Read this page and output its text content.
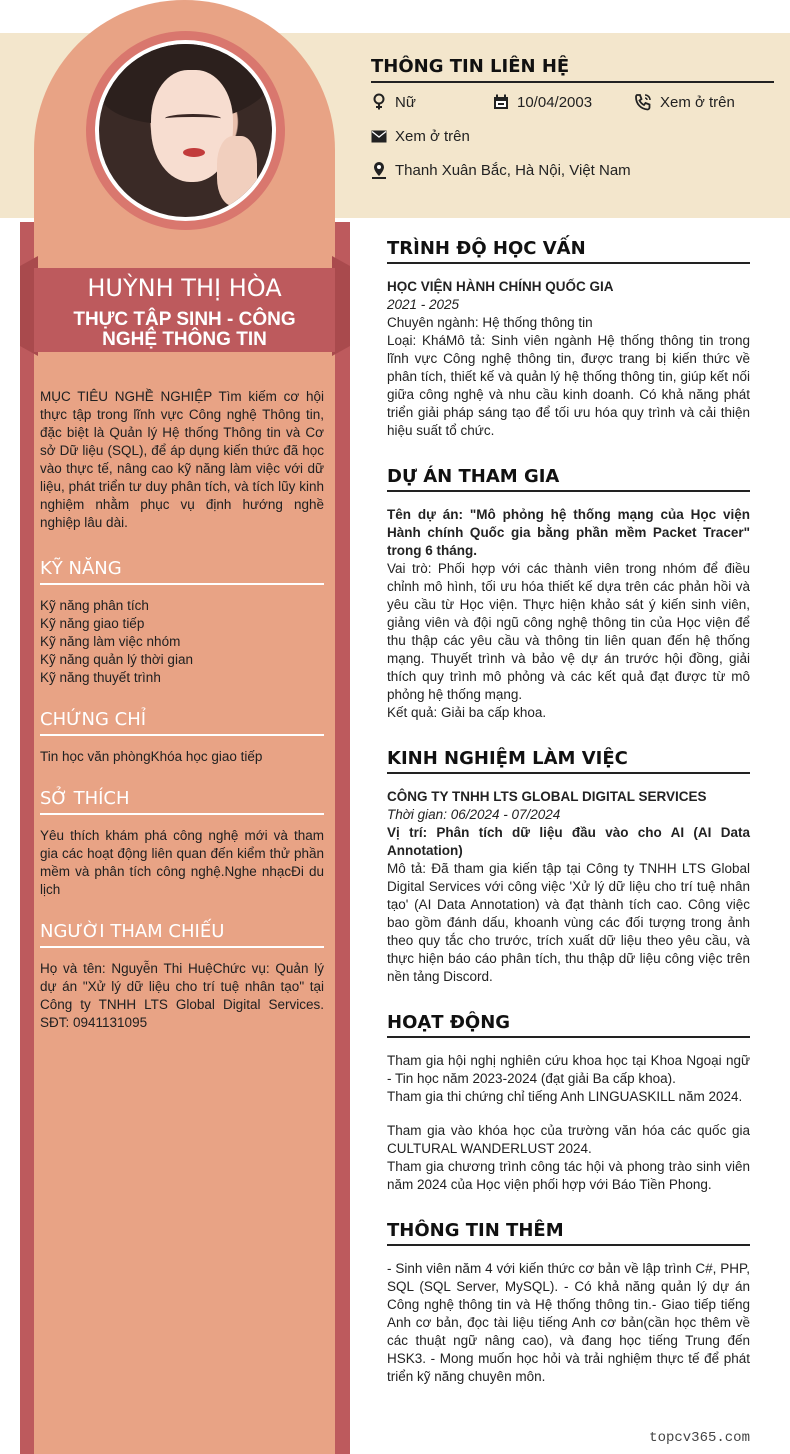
HUỲNH THỊ HÒA
THỰC TẬP SINH - CÔNG NGHỆ THÔNG TIN

MỤC TIÊU NGHỀ NGHIỆP Tìm kiếm cơ hội thực tập trong lĩnh vực Công nghệ Thông tin, đặc biệt là Quản lý Hệ thống Thông tin và Cơ sở Dữ liệu (SQL), để áp dụng kiến thức đã học vào thực tế, nâng cao kỹ năng làm việc với dữ liệu, phát triển tư duy phân tích, và tích lũy kinh nghiệm nhằm phục vụ định hướng nghề nghiệp lâu dài.

KỸ NĂNG

Kỹ năng phân tích

Kỹ năng giao tiếp

Kỹ năng làm việc nhóm

Kỹ năng quản lý thời gian

Kỹ năng thuyết trình

CHỨNG CHỈ

Tin học văn phòngKhóa học giao tiếp

SỞ THÍCH

Yêu thích khám phá công nghệ mới và tham gia các hoạt động liên quan đến kiểm thử phần mềm và phân tích công nghệ.Nghe nhạcĐi du lịch

NGƯỜI THAM CHIẾU

Họ và tên: Nguyễn Thi HuệChức vụ: Quản lý dự án "Xử lý dữ liệu cho trí tuệ nhân tạo" tại Công ty TNHH LTS Global Digital Services. SĐT: 0941131095

THÔNG TIN LIÊN HỆ
Nữ	10/04/2003	Xem ở trên
Xem ở trên
Thanh Xuân Bắc, Hà Nội, Việt Nam
TRÌNH ĐỘ HỌC VẤN

HỌC VIỆN HÀNH CHÍNH QUỐC GIA

2021 - 2025

Chuyên ngành: Hệ thống thông tin

Loại: KháMô tả: Sinh viên ngành Hệ thống thông tin trong lĩnh vực Công nghệ thông tin, được trang bị kiến thức về phân tích, thiết kế và quản lý hệ thống thông tin, giúp kết nối giữa công nghệ và nhu cầu kinh doanh. Có khả năng phát triển giải pháp sáng tạo để tối ưu hóa quy trình và cải thiện hiệu suất tổ chức.

DỰ ÁN THAM GIA

Tên dự án: "Mô phỏng hệ thống mạng của Học viện Hành chính Quốc gia bằng phần mềm Packet Tracer" trong 6 tháng.

Vai trò: Phối hợp với các thành viên trong nhóm để điều chỉnh mô hình, tối ưu hóa thiết kế dựa trên các phản hồi và yêu cầu từ Học viện. Thực hiện khảo sát ý kiến sinh viên, giảng viên và đội ngũ công nghệ thông tin của Học viện để thu thập các yêu cầu và thông tin liên quan đến hệ thống mạng. Thuyết trình và bảo vệ dự án trước hội đồng, giải thích quy trình mô phỏng và các kết quả đạt được từ mô phỏng hệ thống mạng.

Kết quả: Giải ba cấp khoa.

KINH NGHIỆM LÀM VIỆC

CÔNG TY TNHH LTS GLOBAL DIGITAL SERVICES

Thời gian: 06/2024 - 07/2024

Vị trí: Phân tích dữ liệu đầu vào cho AI (AI Data Annotation)

Mô tả: Đã tham gia kiến tập tại Công ty TNHH LTS Global Digital Services với công việc 'Xử lý dữ liệu cho trí tuệ nhân tạo' (AI Data Annotation) và đạt thành tích cao. Công việc bao gồm đánh dấu, khoanh vùng các đối tượng trong ảnh theo quy tắc cho trước, trích xuất dữ liệu theo yêu cầu, và thực hiện báo cáo phân tích, thu thập dữ liệu công việc trên nền tảng Discord.

HOẠT ĐỘNG

Tham gia hội nghị nghiên cứu khoa học tại Khoa Ngoại ngữ - Tin học năm 2023-2024 (đạt giải Ba cấp khoa).

Tham gia thi chứng chỉ tiếng Anh LINGUASKILL năm 2024.

Tham gia vào khóa học của trường văn hóa các quốc gia CULTURAL WANDERLUST 2024.

Tham gia chương trình công tác hội và phong trào sinh viên năm 2024 của Học viện phối hợp với Báo Tiền Phong.

THÔNG TIN THÊM

- Sinh viên năm 4 với kiến thức cơ bản về lập trình C#, PHP, SQL (SQL Server, MySQL). - Có khả năng quản lý dự án Công nghệ thông tin và Hệ thống thông tin.- Giao tiếp tiếng Anh cơ bản, đọc tài liệu tiếng Anh cơ bản(cần học thêm về các thuật ngữ nâng cao), và đang học tiếng Trung đến HSK3. - Mong muốn học hỏi và trải nghiệm thực tế để phát triển kỹ năng chuyên môn.

topcv365.com
